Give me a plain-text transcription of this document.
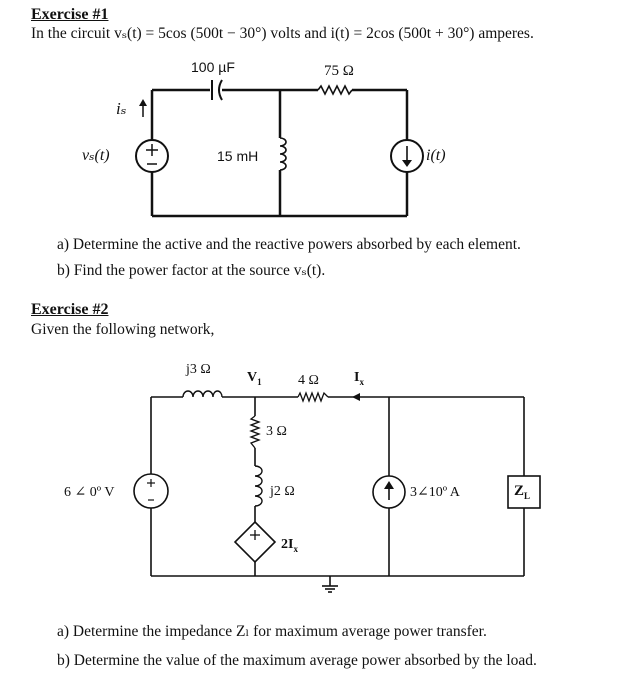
Exercise #1
In the circuit vₛ(t) = 5cos (500t − 30°) volts and i(t) = 2cos (500t + 30°) amperes.
100 µF	75 Ω
15 mH
iₛ
vₛ(t)	i(t)
a) Determine the active and the reactive powers absorbed by each element.
b) Find the power factor at the source vₛ(t).
Exercise #2
Given the following network,
j3 Ω
$V_1$	4 Ω	$I_x$
3 Ω
j2 Ω
$2I_x$
6 ∠ 0º V	3∠10º A	$Z_L$
a) Determine the impedance Zₗ for maximum average power transfer.
b) Determine the value of the maximum average power absorbed by the load.
